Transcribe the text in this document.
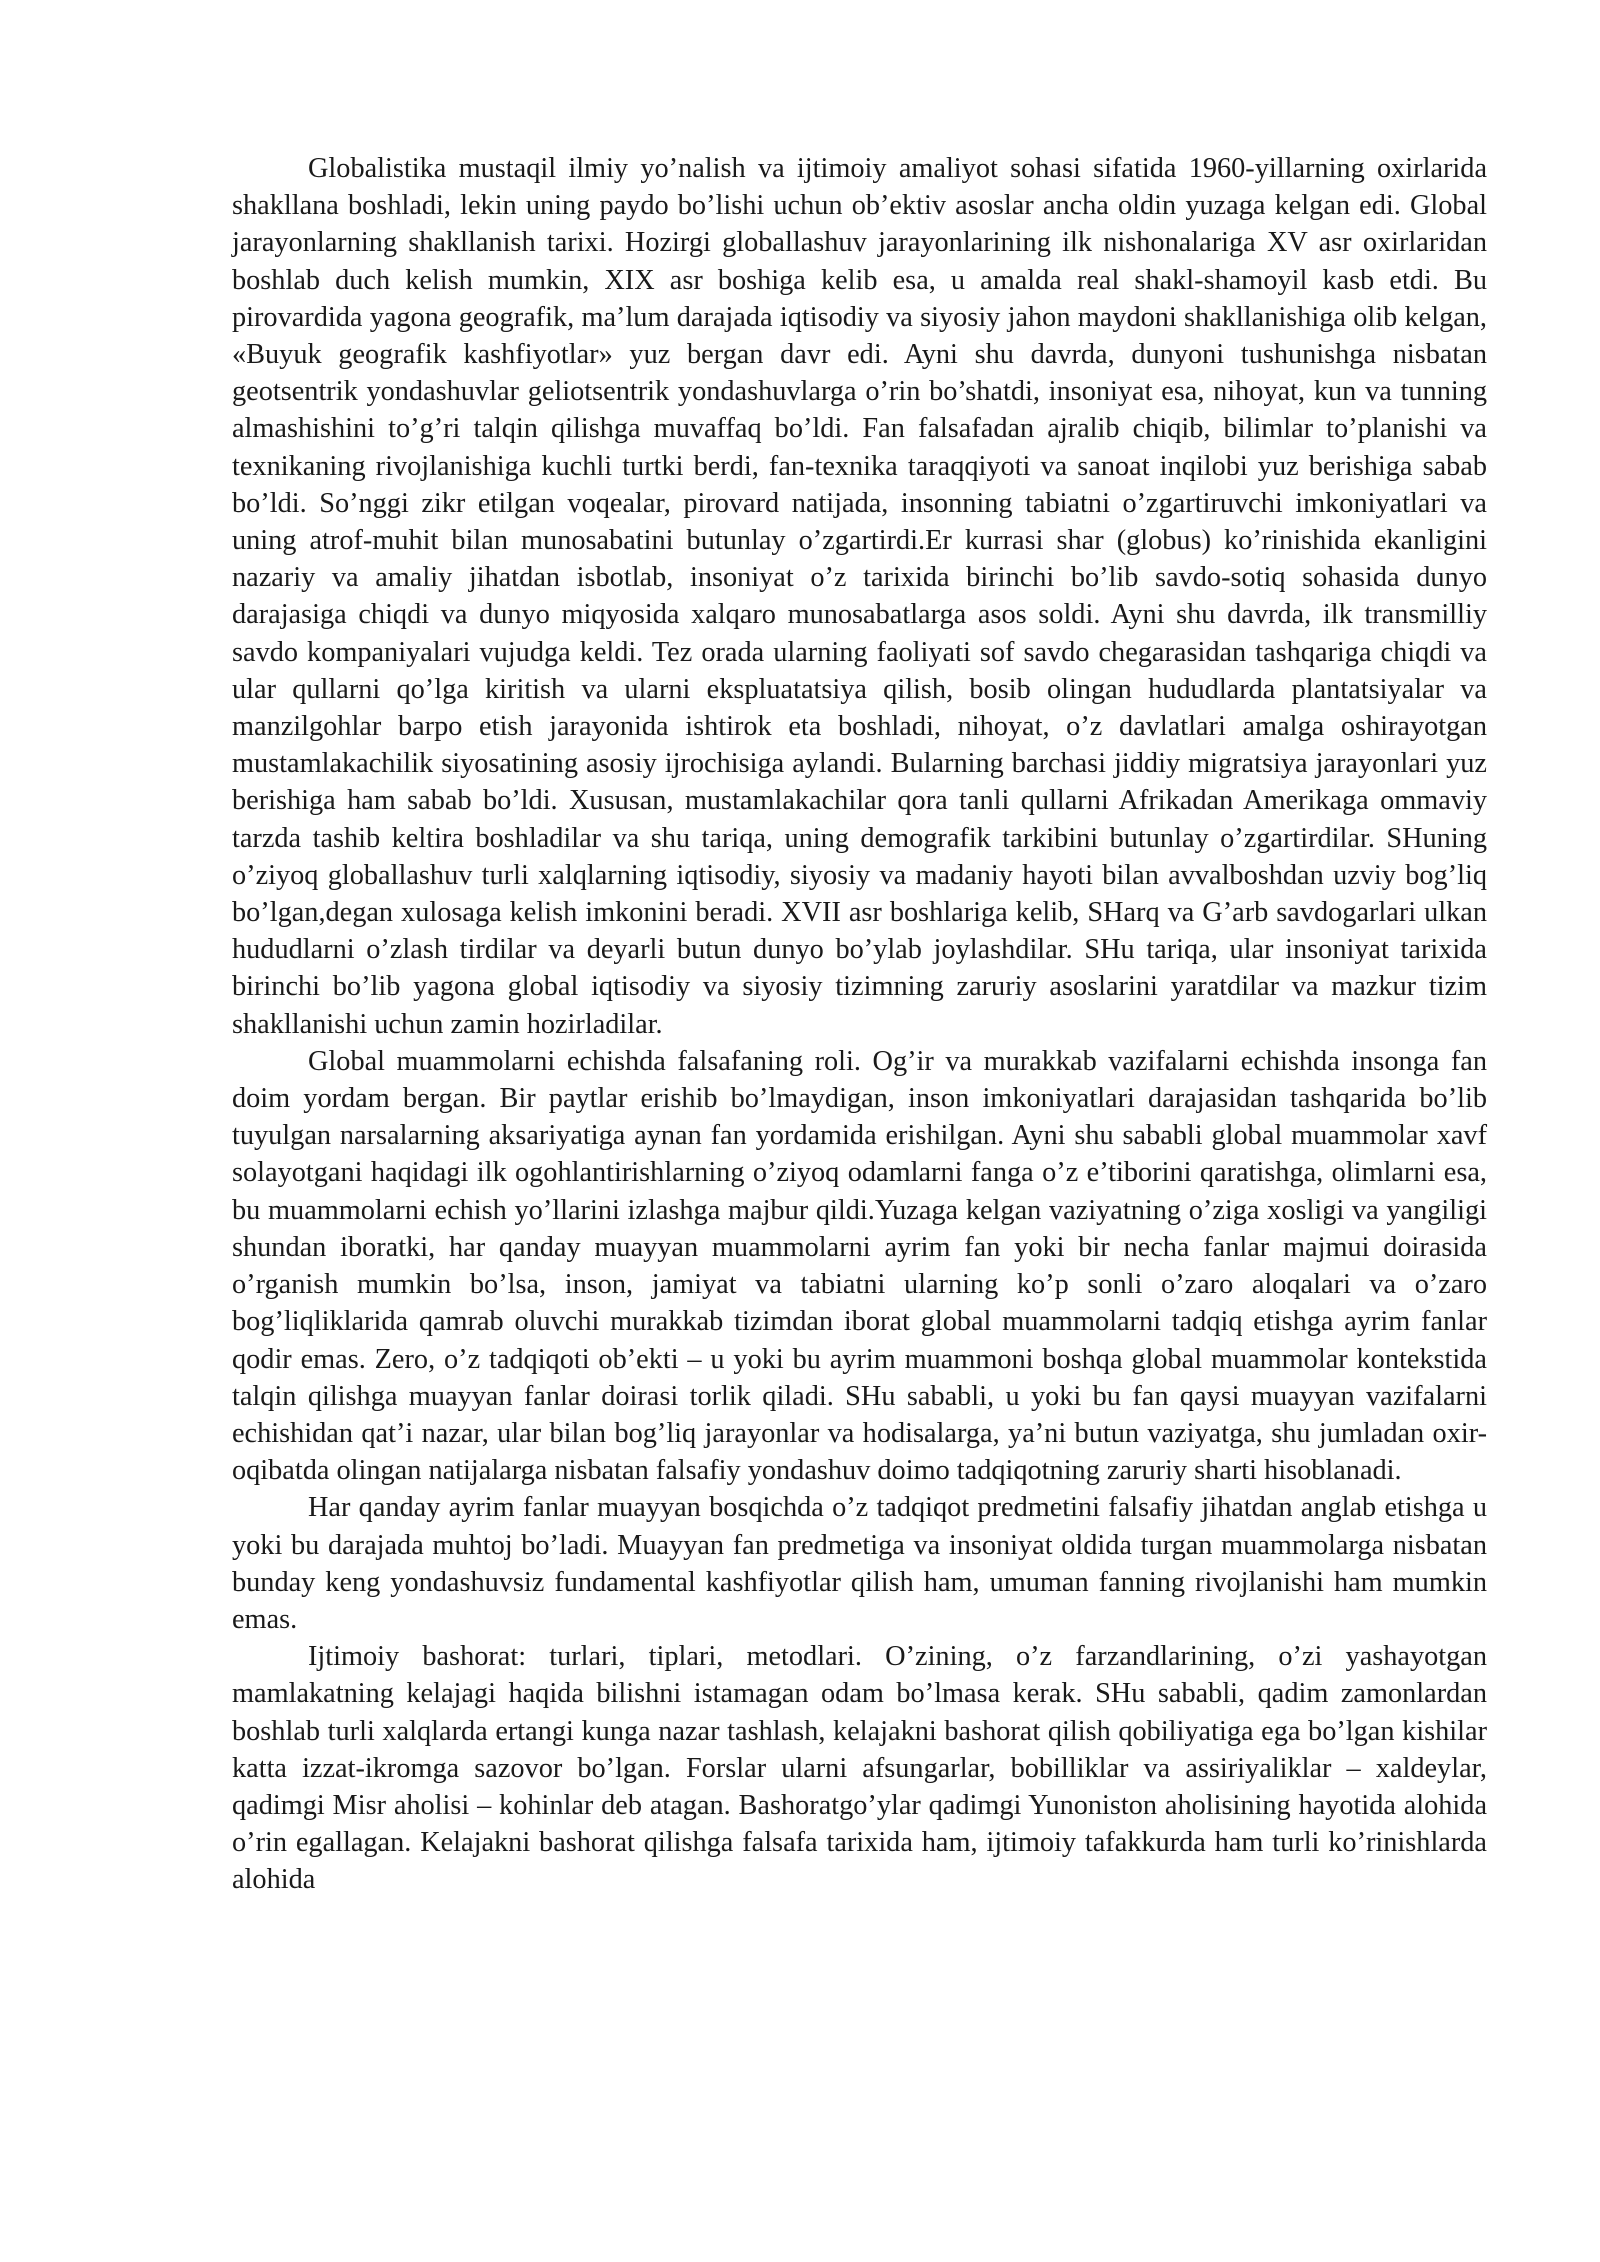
Globalistika mustaqil ilmiy yo’nalish va ijtimoiy amaliyot sohasi sifatida 1960-yillarning oxirlarida shakllana boshladi, lekin uning paydo bo’lishi uchun ob’ektiv asoslar ancha oldin yuzaga kelgan edi. Global jarayonlarning shakllanish tarixi. Hozirgi globallashuv jarayonlarining ilk nishonalariga XV asr oxirlaridan boshlab duch kelish mumkin, XIX asr boshiga kelib esa, u amalda real shakl-shamoyil kasb etdi. Bu pirovardida yagona geografik, ma’lum darajada iqtisodiy va siyosiy jahon maydoni shakllanishiga olib kelgan, «Buyuk geografik kashfiyotlar» yuz bergan davr edi. Ayni shu davrda, dunyoni tushunishga nisbatan geotsentrik yondashuvlar geliotsentrik yondashuvlarga o’rin bo’shatdi, insoniyat esa, nihoyat, kun va tunning almashishini to’g’ri talqin qilishga muvaffaq bo’ldi. Fan falsafadan ajralib chiqib, bilimlar to’planishi va texnikaning rivojlanishiga kuchli turtki berdi, fan-texnika taraqqiyoti va sanoat inqilobi yuz berishiga sabab bo’ldi. So’nggi zikr etilgan voqealar, pirovard natijada, insonning tabiatni o’zgartiruvchi imkoniyatlari va uning atrof-muhit bilan munosabatini butunlay o’zgartirdi.Er kurrasi shar (globus) ko’rinishida ekanligini nazariy va amaliy jihatdan isbotlab, insoniyat o’z tarixida birinchi bo’lib savdo-sotiq sohasida dunyo darajasiga chiqdi va dunyo miqyosida xalqaro munosabatlarga asos soldi. Ayni shu davrda, ilk transmilliy savdo kompaniyalari vujudga keldi. Tez orada ularning faoliyati sof savdo chegarasidan tashqariga chiqdi va ular qullarni qo’lga kiritish va ularni ekspluatatsiya qilish, bosib olingan hududlarda plantatsiyalar va manzilgohlar barpo etish jarayonida ishtirok eta boshladi, nihoyat, o’z davlatlari amalga oshirayotgan mustamlakachilik siyosatining asosiy ijrochisiga aylandi. Bularning barchasi jiddiy migratsiya jarayonlari yuz berishiga ham sabab bo’ldi. Xususan, mustamlakachilar qora tanli qullarni Afrikadan Amerikaga ommaviy tarzda tashib keltira boshladilar va shu tariqa, uning demografik tarkibini butunlay o’zgartirdilar. SHuning o’ziyoq globallashuv turli xalqlarning iqtisodiy, siyosiy va madaniy hayoti bilan avvalboshdan uzviy bog’liq bo’lgan,degan xulosaga kelish imkonini beradi. XVII asr boshlariga kelib, SHarq va G’arb savdogarlari ulkan hududlarni o’zlash tirdilar va deyarli butun dunyo bo’ylab joylashdilar. SHu tariqa, ular insoniyat tarixida birinchi bo’lib yagona global iqtisodiy va siyosiy tizimning zaruriy asoslarini yaratdilar va mazkur tizim shakllanishi uchun zamin hozirladilar.

Global muammolarni echishda falsafaning roli. Og’ir va murakkab vazifalarni echishda insonga fan doim yordam bergan. Bir paytlar erishib bo’lmaydigan, inson imkoniyatlari darajasidan tashqarida bo’lib tuyulgan narsalarning aksariyatiga aynan fan yordamida erishilgan. Ayni shu sababli global muammolar xavf solayotgani haqidagi ilk ogohlantirishlarning o’ziyoq odamlarni fanga o’z e’tiborini qaratishga, olimlarni esa, bu muammolarni echish yo’llarini izlashga majbur qildi.Yuzaga kelgan vaziyatning o’ziga xosligi va yangiligi shundan iboratki, har qanday muayyan muammolarni ayrim fan yoki bir necha fanlar majmui doirasida o’rganish mumkin bo’lsa, inson, jamiyat va tabiatni ularning ko’p sonli o’zaro aloqalari va o’zaro bog’liqliklarida qamrab oluvchi murakkab tizimdan iborat global muammolarni tadqiq etishga ayrim fanlar qodir emas. Zero, o’z tadqiqoti ob’ekti – u yoki bu ayrim muammoni boshqa global muammolar kontekstida talqin qilishga muayyan fanlar doirasi torlik qiladi. SHu sababli, u yoki bu fan qaysi muayyan vazifalarni echishidan qat’i nazar, ular bilan bog’liq jarayonlar va hodisalarga, ya’ni butun vaziyatga, shu jumladan oxir-oqibatda olingan natijalarga nisbatan falsafiy yondashuv doimo tadqiqotning zaruriy sharti hisoblanadi.

Har qanday ayrim fanlar muayyan bosqichda o’z tadqiqot predmetini falsafiy jihatdan anglab etishga u yoki bu darajada muhtoj bo’ladi. Muayyan fan predmetiga va insoniyat oldida turgan muammolarga nisbatan bunday keng yondashuvsiz fundamental kashfiyotlar qilish ham, umuman fanning rivojlanishi ham mumkin emas.

Ijtimoiy bashorat: turlari, tiplari, metodlari. O’zining, o’z farzandlarining, o’zi yashayotgan mamlakatning kelajagi haqida bilishni istamagan odam bo’lmasa kerak. SHu sababli, qadim zamonlardan boshlab turli xalqlarda ertangi kunga nazar tashlash, kelajakni bashorat qilish qobiliyatiga ega bo’lgan kishilar katta izzat-ikromga sazovor bo’lgan. Forslar ularni afsungarlar, bobilliklar va assiriyaliklar – xaldeylar, qadimgi Misr aholisi – kohinlar deb atagan. Bashoratgo’ylar qadimgi Yunoniston aholisining hayotida alohida o’rin egallagan. Kelajakni bashorat qilishga falsafa tarixida ham, ijtimoiy tafakkurda ham turli ko’rinishlarda alohida
